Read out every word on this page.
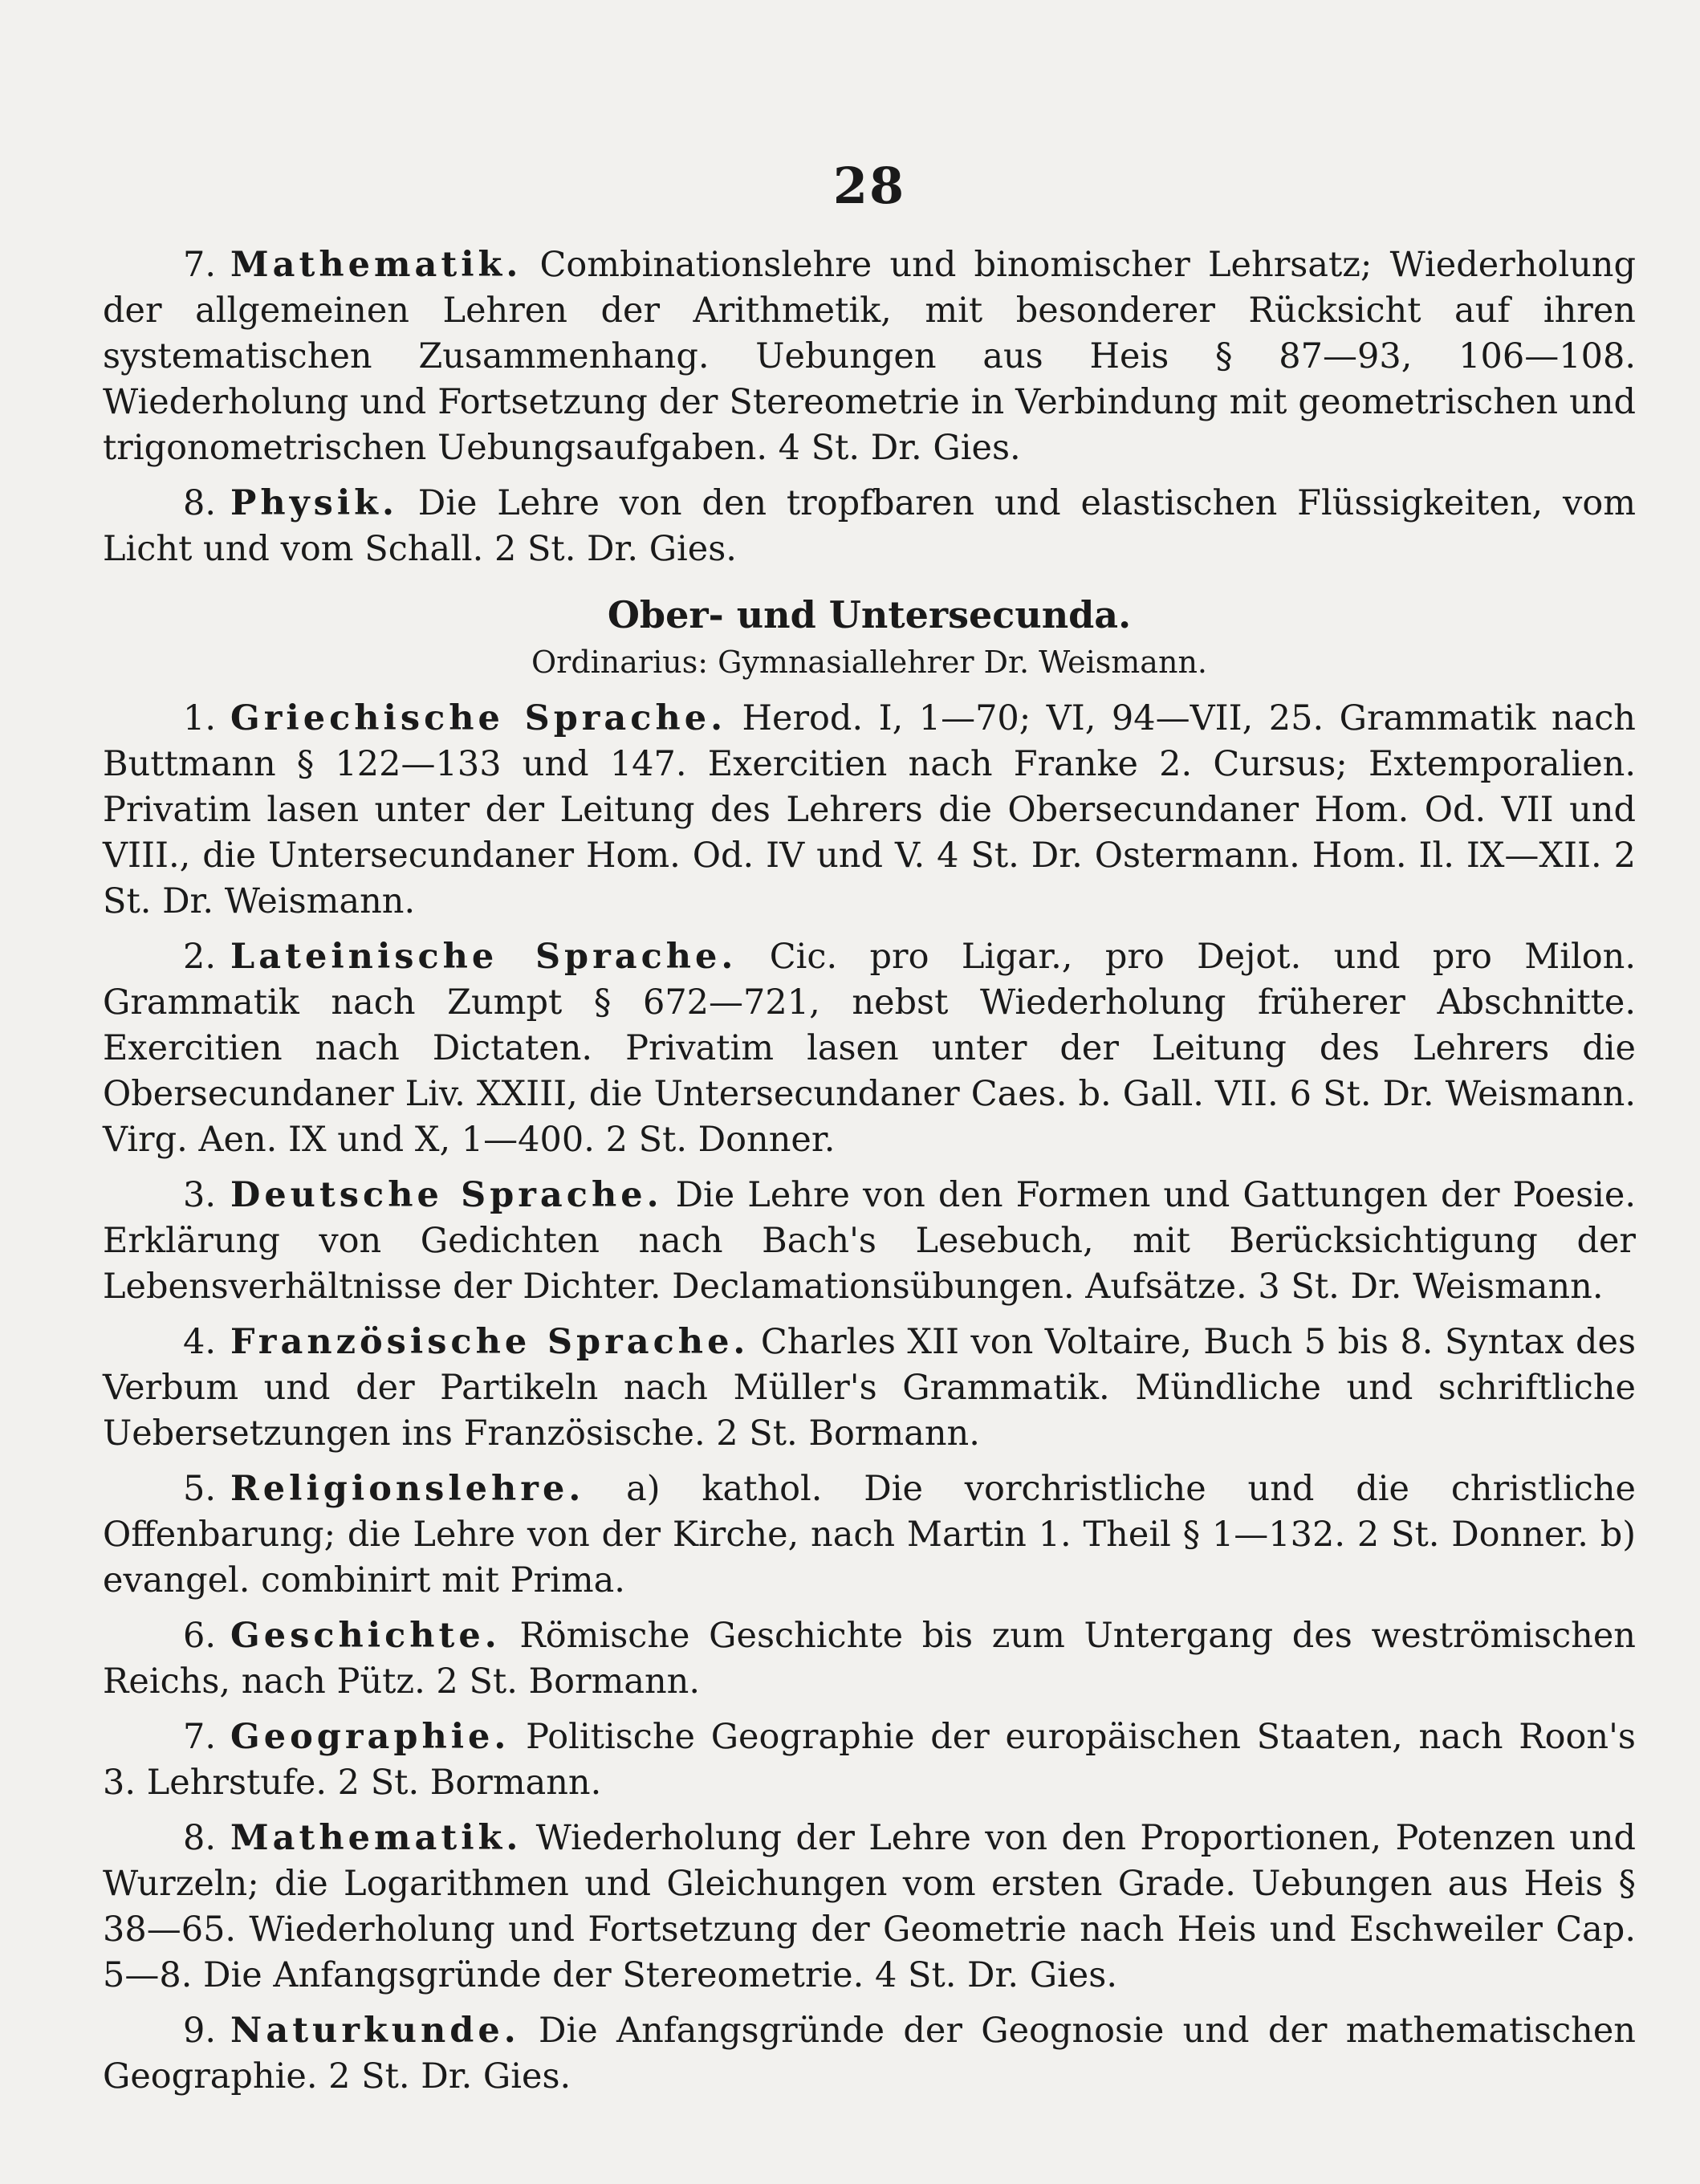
28

7. Mathematik. Combinationslehre und binomischer Lehrsatz; Wiederholung der allgemeinen Lehren der Arithmetik, mit besonderer Rücksicht auf ihren systematischen Zusammenhang. Uebungen aus Heis § 87—93, 106—108. Wiederholung und Fortsetzung der Stereometrie in Verbindung mit geometrischen und trigonometrischen Uebungsaufgaben. 4 St. Dr. Gies.

8. Physik. Die Lehre von den tropfbaren und elastischen Flüssigkeiten, vom Licht und vom Schall. 2 St. Dr. Gies.

Ober- und Untersecunda.
Ordinarius: Gymnasiallehrer Dr. Weismann.

1. Griechische Sprache. Herod. I, 1—70; VI, 94—VII, 25. Grammatik nach Buttmann § 122—133 und 147. Exercitien nach Franke 2. Cursus; Extemporalien. Privatim lasen unter der Leitung des Lehrers die Obersecundaner Hom. Od. VII und VIII., die Untersecundaner Hom. Od. IV und V. 4 St. Dr. Ostermann. Hom. Il. IX—XII. 2 St. Dr. Weismann.

2. Lateinische Sprache. Cic. pro Ligar., pro Dejot. und pro Milon. Grammatik nach Zumpt § 672—721, nebst Wiederholung früherer Abschnitte. Exercitien nach Dictaten. Privatim lasen unter der Leitung des Lehrers die Obersecundaner Liv. XXIII, die Untersecundaner Caes. b. Gall. VII. 6 St. Dr. Weismann. Virg. Aen. IX und X, 1—400. 2 St. Donner.

3. Deutsche Sprache. Die Lehre von den Formen und Gattungen der Poesie. Erklärung von Gedichten nach Bach's Lesebuch, mit Berücksichtigung der Lebensverhältnisse der Dichter. Declamationsübungen. Aufsätze. 3 St. Dr. Weismann.

4. Französische Sprache. Charles XII von Voltaire, Buch 5 bis 8. Syntax des Verbum und der Partikeln nach Müller's Grammatik. Mündliche und schriftliche Uebersetzungen ins Französische. 2 St. Bormann.

5. Religionslehre. a) kathol. Die vorchristliche und die christliche Offenbarung; die Lehre von der Kirche, nach Martin 1. Theil § 1—132. 2 St. Donner. b) evangel. combinirt mit Prima.

6. Geschichte. Römische Geschichte bis zum Untergang des weströmischen Reichs, nach Pütz. 2 St. Bormann.

7. Geographie. Politische Geographie der europäischen Staaten, nach Roon's 3. Lehrstufe. 2 St. Bormann.

8. Mathematik. Wiederholung der Lehre von den Proportionen, Potenzen und Wurzeln; die Logarithmen und Gleichungen vom ersten Grade. Uebungen aus Heis § 38—65. Wiederholung und Fortsetzung der Geometrie nach Heis und Eschweiler Cap. 5—8. Die Anfangsgründe der Stereometrie. 4 St. Dr. Gies.

9. Naturkunde. Die Anfangsgründe der Geognosie und der mathematischen Geographie. 2 St. Dr. Gies.
